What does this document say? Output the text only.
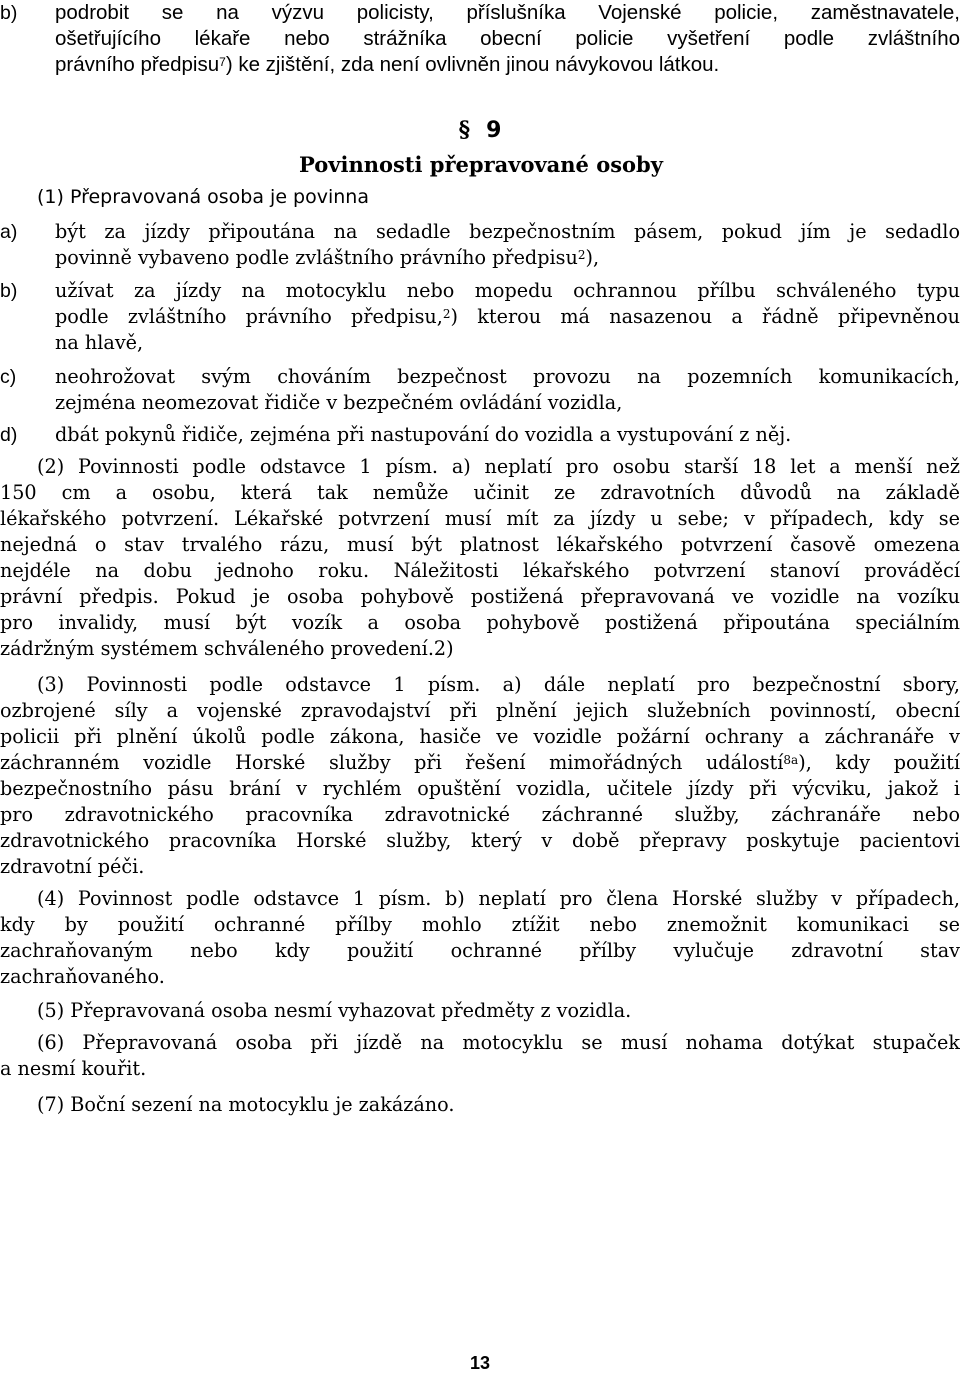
b) podrobit se na výzvu policisty, příslušníka Vojenské policie, zaměstnavatele,
ošetřujícího lékaře nebo strážníka obecní policie vyšetření podle zvláštního
právního předpisu$^7$) ke zjištění, zda není ovlivněn jinou návykovou látkou.
§ 9
Povinnosti přepravované osoby
(1) Přepravovaná osoba je povinna
a) být za jízdy připoutána na sedadle bezpečnostním pásem, pokud jím je sedadlo
povinně vybaveno podle zvláštního právního předpisu$^2$),
b) užívat za jízdy na motocyklu nebo mopedu ochrannou přílbu schváleného typu
podle zvláštního právního předpisu,$^2$) kterou má nasazenou a řádně připevněnou
na hlavě,
c) neohrožovat svým chováním bezpečnost provozu na pozemních komunikacích,
zejména neomezovat řidiče v bezpečném ovládání vozidla,
d) dbát pokynů řidiče, zejména při nastupování do vozidla a vystupování z něj.
(2) Povinnosti podle odstavce 1 písm. a) neplatí pro osobu starší 18 let a menší než
150 cm a osobu, která tak nemůže učinit ze zdravotních důvodů na základě
lékařského potvrzení. Lékařské potvrzení musí mít za jízdy u sebe; v případech, kdy se
nejedná o stav trvalého rázu, musí být platnost lékařského potvrzení časově omezena
nejdéle na dobu jednoho roku. Náležitosti lékařského potvrzení stanoví prováděcí
právní předpis. Pokud je osoba pohybově postižená přepravovaná ve vozidle na vozíku
pro invalidy, musí být vozík a osoba pohybově postižená připoutána speciálním
zádržným systémem schváleného provedení.2)
(3) Povinnosti podle odstavce 1 písm. a) dále neplatí pro bezpečnostní sbory,
ozbrojené síly a vojenské zpravodajství při plnění jejich služebních povinností, obecní
policii při plnění úkolů podle zákona, hasiče ve vozidle požární ochrany a záchranáře v
záchranném vozidle Horské služby při řešení mimořádných událostí$^{8a}$), kdy použití
bezpečnostního pásu brání v rychlém opuštění vozidla, učitele jízdy při výcviku, jakož i
pro zdravotnického pracovníka zdravotnické záchranné služby, záchranáře nebo
zdravotnického pracovníka Horské služby, který v době přepravy poskytuje pacientovi
zdravotní péči.
(4) Povinnost podle odstavce 1 písm. b) neplatí pro člena Horské služby v případech,
kdy by použití ochranné přílby mohlo ztížit nebo znemožnit komunikaci se
zachraňovaným nebo kdy použití ochranné přílby vylučuje zdravotní stav
zachraňovaného.
(5) Přepravovaná osoba nesmí vyhazovat předměty z vozidla.
(6) Přepravovaná osoba při jízdě na motocyklu se musí nohama dotýkat stupaček
a nesmí kouřit.
(7) Boční sezení na motocyklu je zakázáno.
13
